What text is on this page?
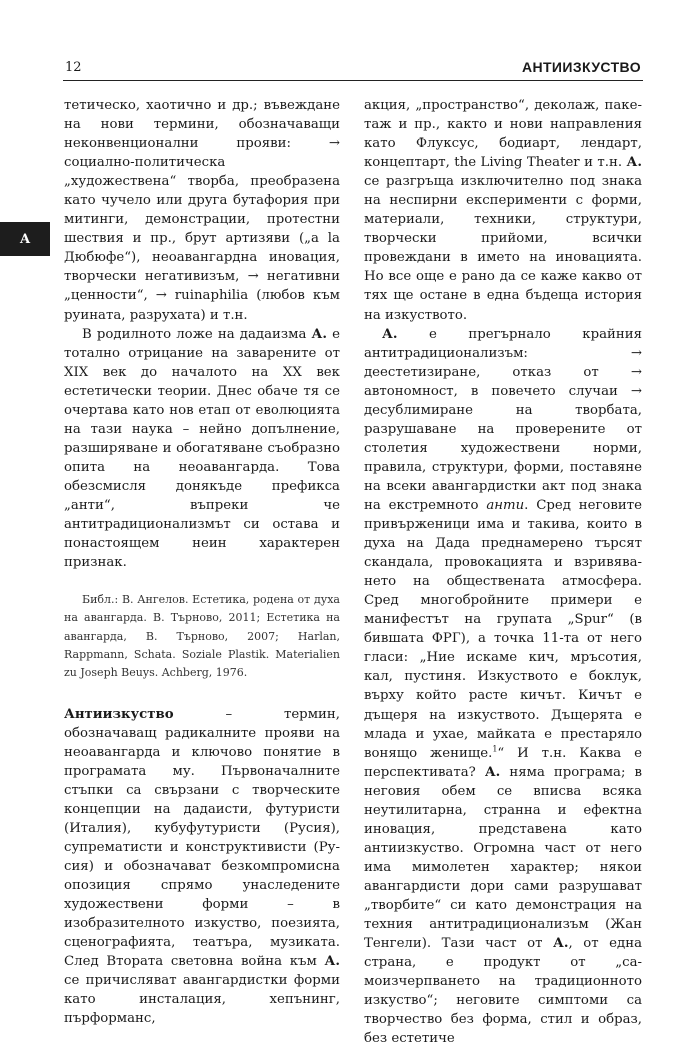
12	АНТИИЗКУСТВО
А

тетическо, хаотично и др.; въвеждане на нови термини, обозначаващи неконвенционални прояви: → социално-политическа „художествена“ творба, преобразена като чучело или друга бутафория при митинги, демонстрации, протестни шествия и пр., брут артизяви („a la Дюбюфе“), неоавангардна иновация, творчески негативизъм, → негативни „ценности“, → ruinaphilia (любов към руината, разрухата) и т.н.

В родилното ложе на дадаизма А. е тотално отрицание на заварените от XIX век до началото на XX век естетически теории. Днес обаче тя се очертава като нов етап от еволюцията на тази наука – нейно допълнение, разширяване и обогатяване съобразно опита на неоавангарда. Това обезсмисля донякъде префикса „анти“, въпреки че антитрадиционализмът си остава и понастоящем неин характерен признак.

Библ.: В. Ангелов. Естетика, родена от духа на авангарда. В. Търново, 2011; Естетика на авангарда, В. Търново, 2007; Harlan, Rappmann, Schata. Soziale Plastik. Materialien zu Joseph Beuys. Achberg, 1976.

Антиизкуство – термин, обозначаващ радикалните прояви на неоавангарда и ключово понятие в програмата му. Първоначалните стъпки са свързани с творческите концепции на дадаисти, футуристи (Италия), кубуфутуристи (Русия), супрематисти и конструктивисти (Русия) и обозначават безкомпромисна опозиция спрямо унаследените художествени форми – в изобразителното изкуство, поезията, сценографията, театъра, музиката. След Втората световна война към А. се причисляват авангардистки форми като инсталация, хепънинг, пърформанс,

акция, „пространство“, деколаж, пакeтаж и пр., както и нови направления като Флуксус, бодиарт, лендарт, концептарт, the Living Theater и т.н. А. се разгръща изключително под знака на неспирни експерименти с форми, материали, техники, структури, творчески прийоми, всички провеждани в името на иновацията. Но все още е рано да се каже какво от тях ще остане в една бъдеща история на изкуството.

А. е прегърнало крайния антитрадиционализъм: → деестетизиране, отказ от → автономност, в повечето случаи → десублимиране на творбата, разрушаване на проверените от столетия художествени норми, правила, структури, форми, поставяне на всеки авангардистки акт под знака на екстремното анти. Сред неговите привърженици има и такива, които в духа на Дада преднамерено търсят скандала, провокацията и взривяването на обществената атмосфера. Сред многобройните примери е манифестът на групата „Spur“ (в бившата ФРГ), а точка 11-та от него гласи: „Ние искаме кич, мръсотия, кал, пустиня. Изкуството е боклук, върху който расте кичът. Кичът е дъщеря на изкуството. Дъщерята е млада и ухае, майката е престаряло вонящо женище.$^1$“ И т.н. Каква е перспективата? А. няма програма; в неговия обем се вписва всяка неутилитарна, странна и ефектна иновация, представена като антиизкуство. Огромна част от него има мимолетен характер; някои авангардисти дори сами разрушават „творбите“ си като демонстрация на техния антитрадиционализъм (Жан Тенгели). Тази част от А., от една страна, е продукт от „самоизчерпването на традиционното изкуство“; неговите симптоми са творчество без форма, стил и образ, без естетиче
